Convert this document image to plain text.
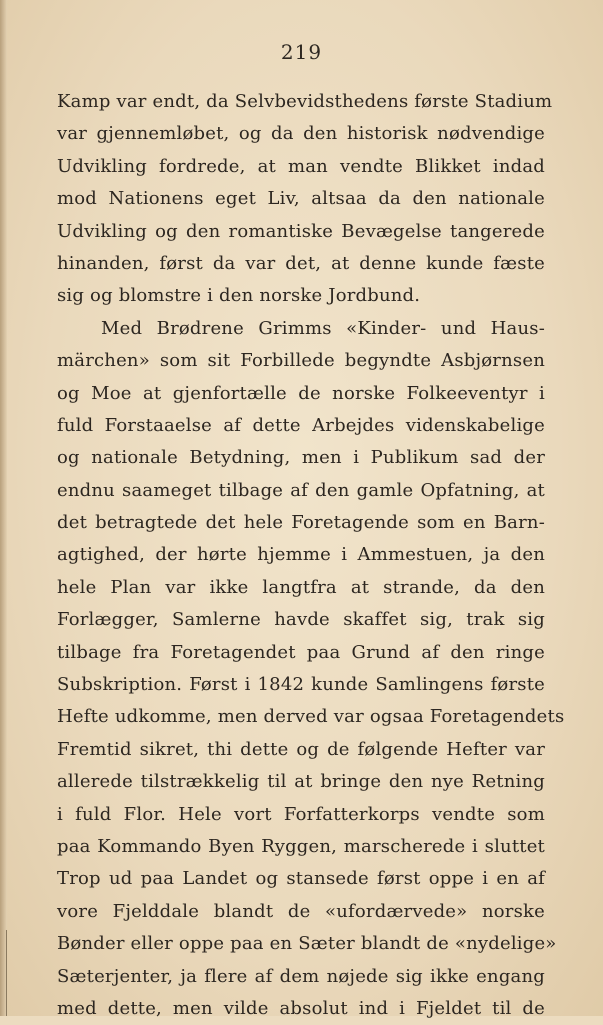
219
Kamp var endt, da Selvbevidsthedens første Stadium
var gjennemløbet, og da den historisk nødvendige
Udvikling fordrede, at man vendte Blikket indad
mod Nationens eget Liv, altsaa da den nationale
Udvikling og den romantiske Bevægelse tangerede
hinanden, først da var det, at denne kunde fæste
sig og blomstre i den norske Jordbund.
Med Brødrene Grimms «Kinder- und Haus-
märchen» som sit Forbillede begyndte Asbjørnsen
og Moe at gjenfortælle de norske Folkeeventyr i
fuld Forstaaelse af dette Arbejdes videnskabelige
og nationale Betydning, men i Publikum sad der
endnu saameget tilbage af den gamle Opfatning, at
det betragtede det hele Foretagende som en Barn-
agtighed, der hørte hjemme i Ammestuen, ja den
hele Plan var ikke langtfra at strande, da den
Forlægger, Samlerne havde skaffet sig, trak sig
tilbage fra Foretagendet paa Grund af den ringe
Subskription. Først i 1842 kunde Samlingens første
Hefte udkomme, men derved var ogsaa Foretagendets
Fremtid sikret, thi dette og de følgende Hefter var
allerede tilstrækkelig til at bringe den nye Retning
i fuld Flor. Hele vort Forfatterkorps vendte som
paa Kommando Byen Ryggen, marscherede i sluttet
Trop ud paa Landet og stansede først oppe i en af
vore Fjelddale blandt de «ufordærvede» norske
Bønder eller oppe paa en Sæter blandt de «nydelige»
Sæterjenter, ja flere af dem nøjede sig ikke engang
med dette, men vilde absolut ind i Fjeldet til de
